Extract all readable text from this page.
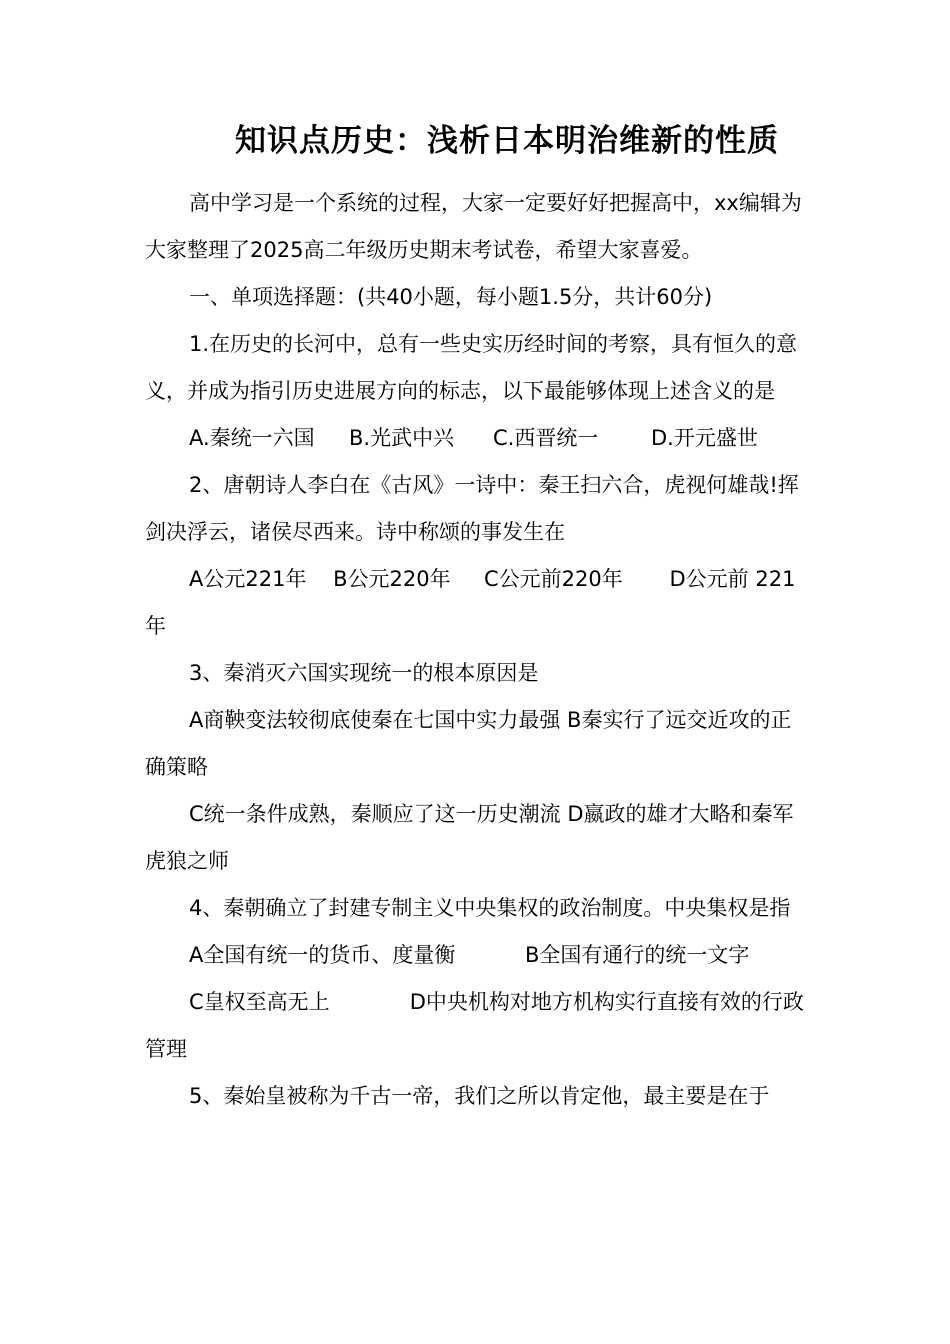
知识点历史：浅析日本明治维新的性质

高中学习是一个系统的过程，大家一定要好好把握高中，xx编辑为大家整理了2025高二年级历史期末考试卷，希望大家喜爱。

一、单项选择题：(共40小题，每小题1.5分，共计60分)

1.在历史的长河中，总有一些史实历经时间的考察，具有恒久的意义，并成为指引历史进展方向的标志，以下最能够体现上述含义的是

A.秦统一六国 B.光武中兴 C.西晋统一	D.开元盛世

2、唐朝诗人李白在《古风》一诗中：秦王扫六合，虎视何雄哉!挥剑决浮云，诸侯尽西来。诗中称颂的事发生在

A公元221年    B公元220年     C公元前220年       D公元前 221年

3、秦消灭六国实现统一的根本原因是

A商鞅变法较彻底使秦在七国中实力最强 B秦实行了远交近攻的正确策略

C统一条件成熟，秦顺应了这一历史潮流 D嬴政的雄才大略和秦军虎狼之师

4、秦朝确立了封建专制主义中央集权的政治制度。中央集权是指

A全国有统一的货币、度量衡	B全国有通行的统一文字

C皇权至高无上            D中央机构对地方机构实行直接有效的行政管理

5、秦始皇被称为千古一帝，我们之所以肯定他，最主要是在于
